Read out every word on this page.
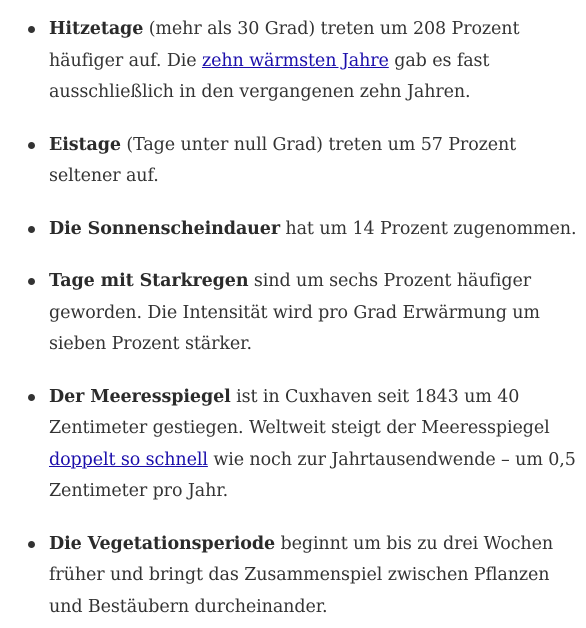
Hitzetage (mehr als 30 Grad) treten um 208 Prozent häufiger auf. Die zehn wärmsten Jahre gab es fast ausschließlich in den vergangenen zehn Jahren.
Eistage (Tage unter null Grad) treten um 57 Prozent seltener auf.
Die Sonnenscheindauer hat um 14 Prozent zugenommen.
Tage mit Starkregen sind um sechs Prozent häufiger geworden. Die Intensität wird pro Grad Erwärmung um sieben Prozent stärker.
Der Meeresspiegel ist in Cuxhaven seit 1843 um 40 Zentimeter gestiegen. Weltweit steigt der Meeresspiegel doppelt so schnell wie noch zur Jahrtausendwende – um 0,5 Zentimeter pro Jahr.
Die Vegetationsperiode beginnt um bis zu drei Wochen früher und bringt das Zusammenspiel zwischen Pflanzen und Bestäubern durcheinander.
